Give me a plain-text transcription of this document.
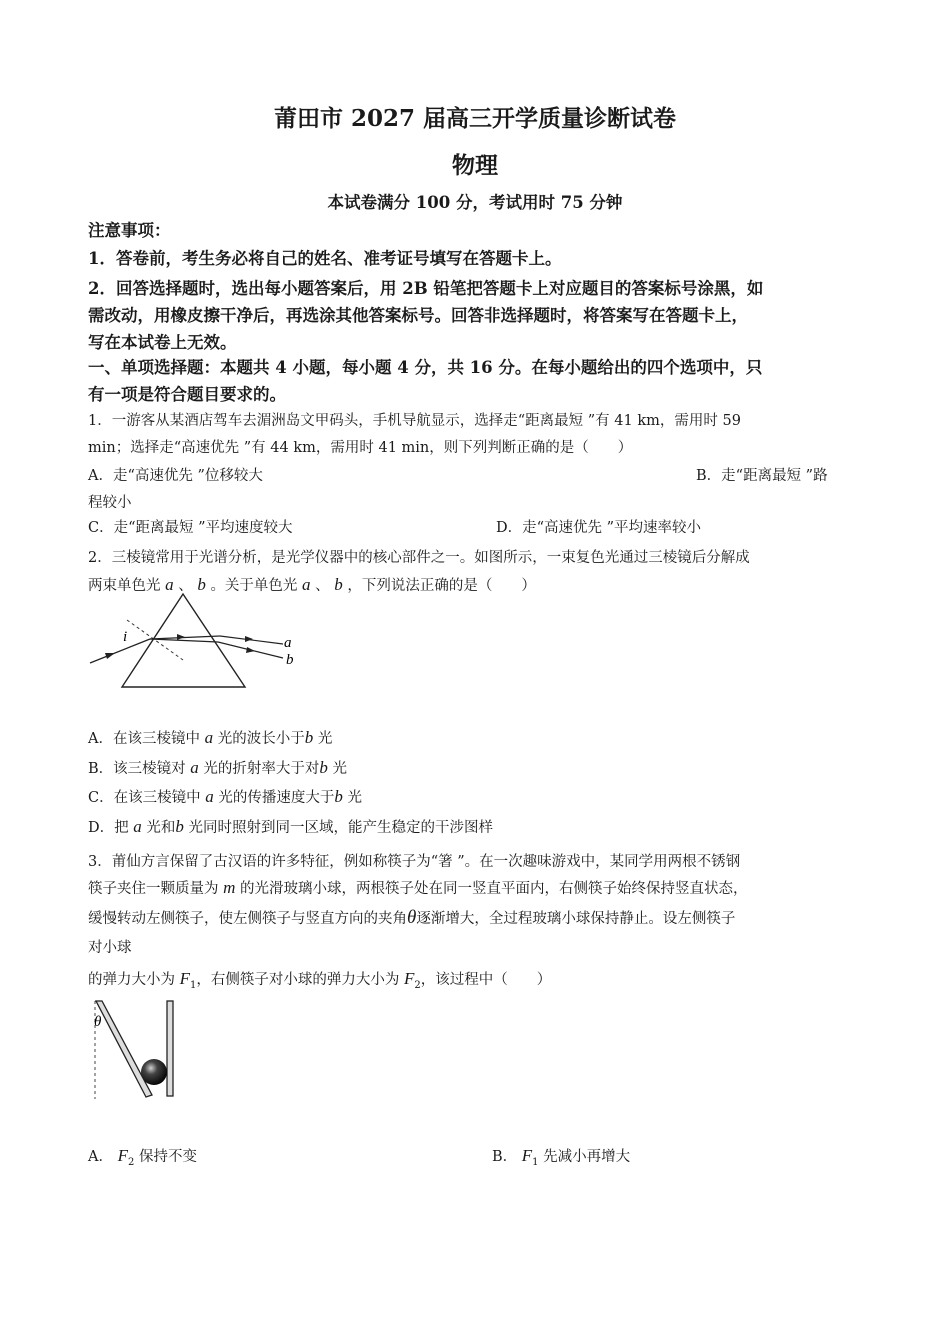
莆田市 2027 届高三开学质量诊断试卷
物理
本试卷满分 100 分，考试用时 75 分钟
注意事项：
1．答卷前，考生务必将自己的姓名、准考证号填写在答题卡上。
2．回答选择题时，选出每小题答案后，用 2B 铅笔把答题卡上对应题目的答案标号涂黑，如
需改动，用橡皮擦干净后，再选涂其他答案标号。回答非选择题时，将答案写在答题卡上，
写在本试卷上无效。
一、单项选择题：本题共 4 小题，每小题 4 分，共 16 分。在每小题给出的四个选项中，只
有一项是符合题目要求的。
1．一游客从某酒店驾车去湄洲岛文甲码头，手机导航显示，选择走“距离最短 ”有 41 km，需用时 59
min；选择走“高速优先 ”有 44 km，需用时 41 min，则下列判断正确的是（　　）
A．走“高速优先 ”位移较大	B．走“距离最短 ”路
程较小
C．走“距离最短 ”平均速度较大	D．走“高速优先 ”平均速率较小
2．三棱镜常用于光谱分析，是光学仪器中的核心部件之一。如图所示，一束复色光通过三棱镜后分解成
两束单色光 a 、 b 。关于单色光 a 、 b ，下列说法正确的是（　　）
i	a
b
A．在该三棱镜中 a 光的波长小于b 光
B．该三棱镜对 a 光的折射率大于对b 光
C．在该三棱镜中 a 光的传播速度大于b 光
D．把 a 光和b 光同时照射到同一区域，能产生稳定的干涉图样
3．莆仙方言保留了古汉语的许多特征，例如称筷子为“箸 ”。在一次趣味游戏中，某同学用两根不锈钢
筷子夹住一颗质量为 m 的光滑玻璃小球，两根筷子处在同一竖直平面内，右侧筷子始终保持竖直状态，
缓慢转动左侧筷子，使左侧筷子与竖直方向的夹角θ逐渐增大，全过程玻璃小球保持静止。设左侧筷子
对小球
的弹力大小为 $F_1$，右侧筷子对小球的弹力大小为 $F_2$，该过程中（　　）
θ
A． $F_2$ 保持不变	B． $F_1$ 先减小再增大
